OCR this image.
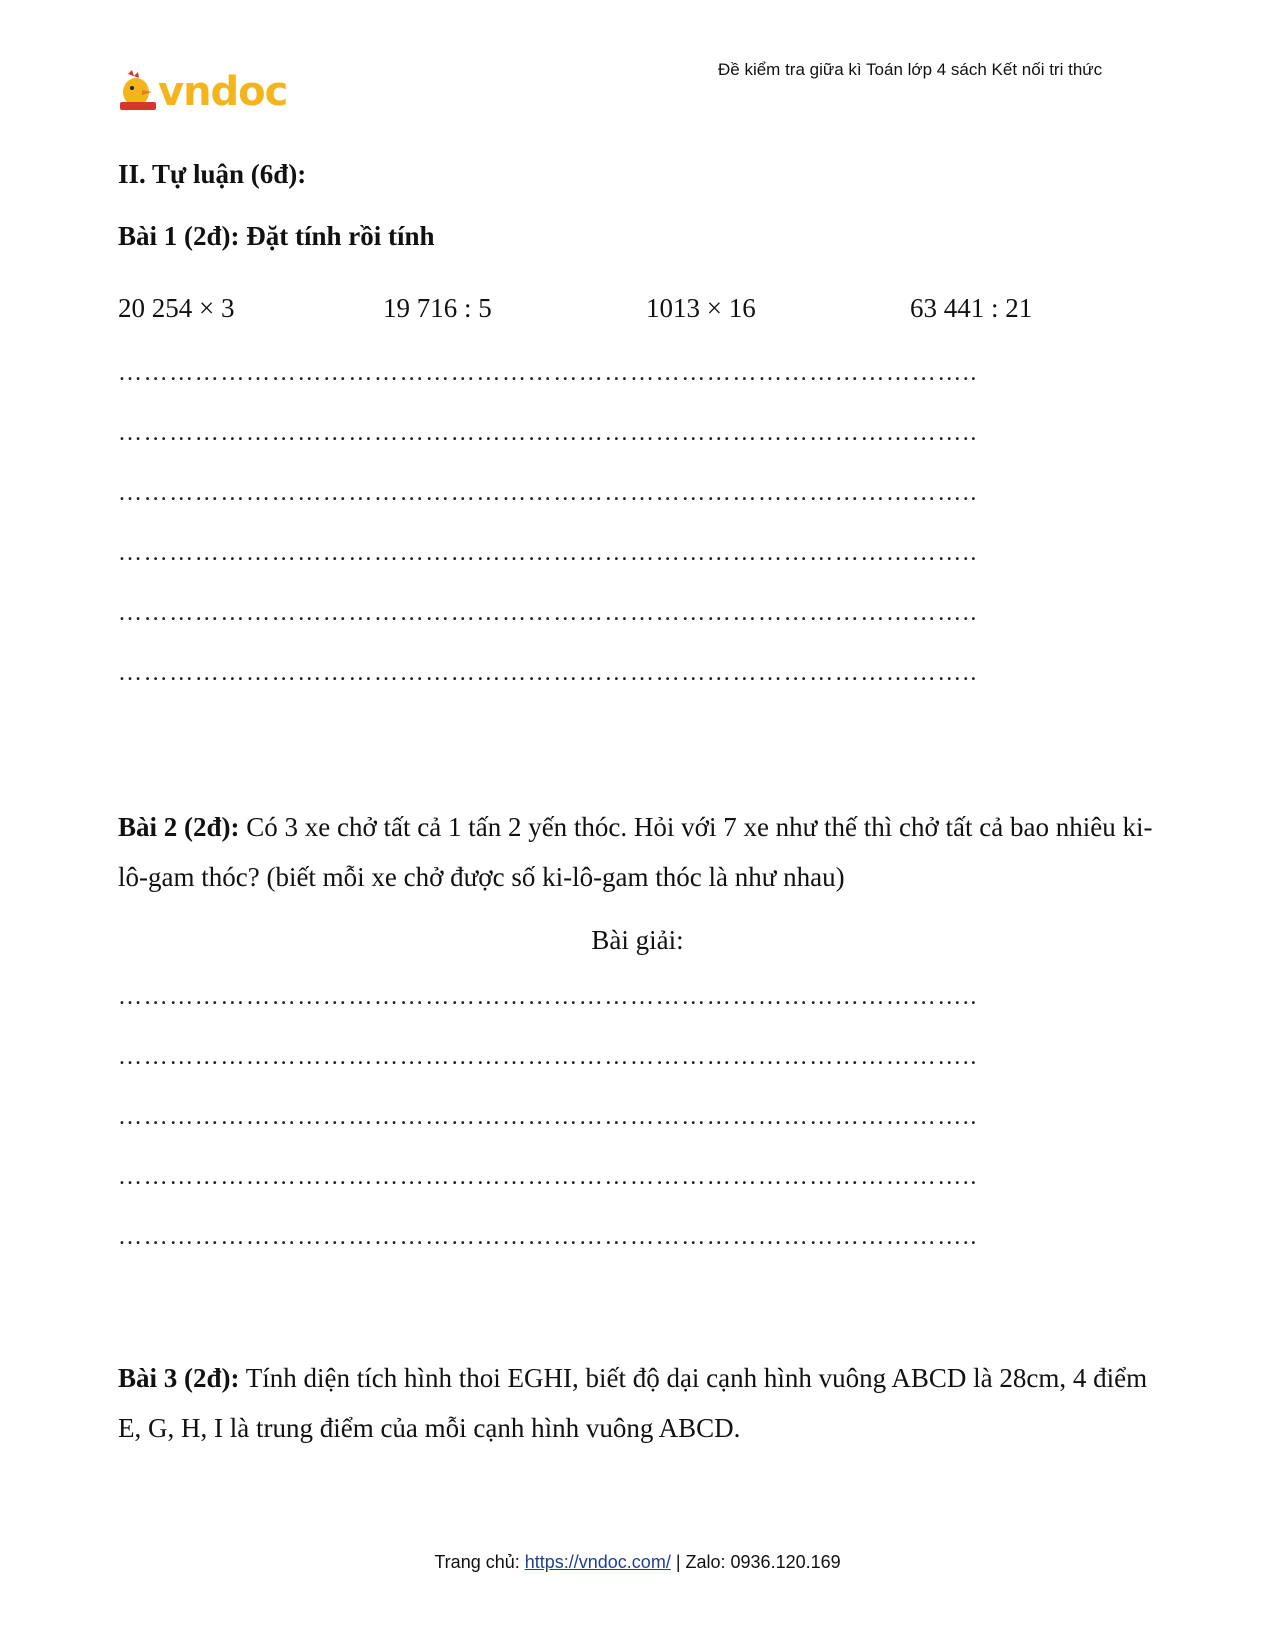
vndoc	Đề kiểm tra giữa kì Toán lớp 4 sách Kết nối tri thức
II. Tự luận (6đ):
Bài 1 (2đ): Đặt tính rồi tính
20 254 × 3	19 716 : 5	1013 × 16	63 441 : 21
………………………………………………………………………………………..
………………………………………………………………………………………..
………………………………………………………………………………………..
………………………………………………………………………………………..
………………………………………………………………………………………..
………………………………………………………………………………………..
Bài 2 (2đ): Có 3 xe chở tất cả 1 tấn 2 yến thóc. Hỏi với 7 xe như thế thì chở tất cả bao nhiêu ki-lô-gam thóc? (biết mỗi xe chở được số ki-lô-gam thóc là như nhau)
Bài giải:
………………………………………………………………………………………..
………………………………………………………………………………………..
………………………………………………………………………………………..
………………………………………………………………………………………..
………………………………………………………………………………………..
Bài 3 (2đ): Tính diện tích hình thoi EGHI, biết độ dại cạnh hình vuông ABCD là 28cm, 4 điểm E, G, H, I là trung điểm của mỗi cạnh hình vuông ABCD.
Trang chủ: https://vndoc.com/ | Zalo: 0936.120.169
